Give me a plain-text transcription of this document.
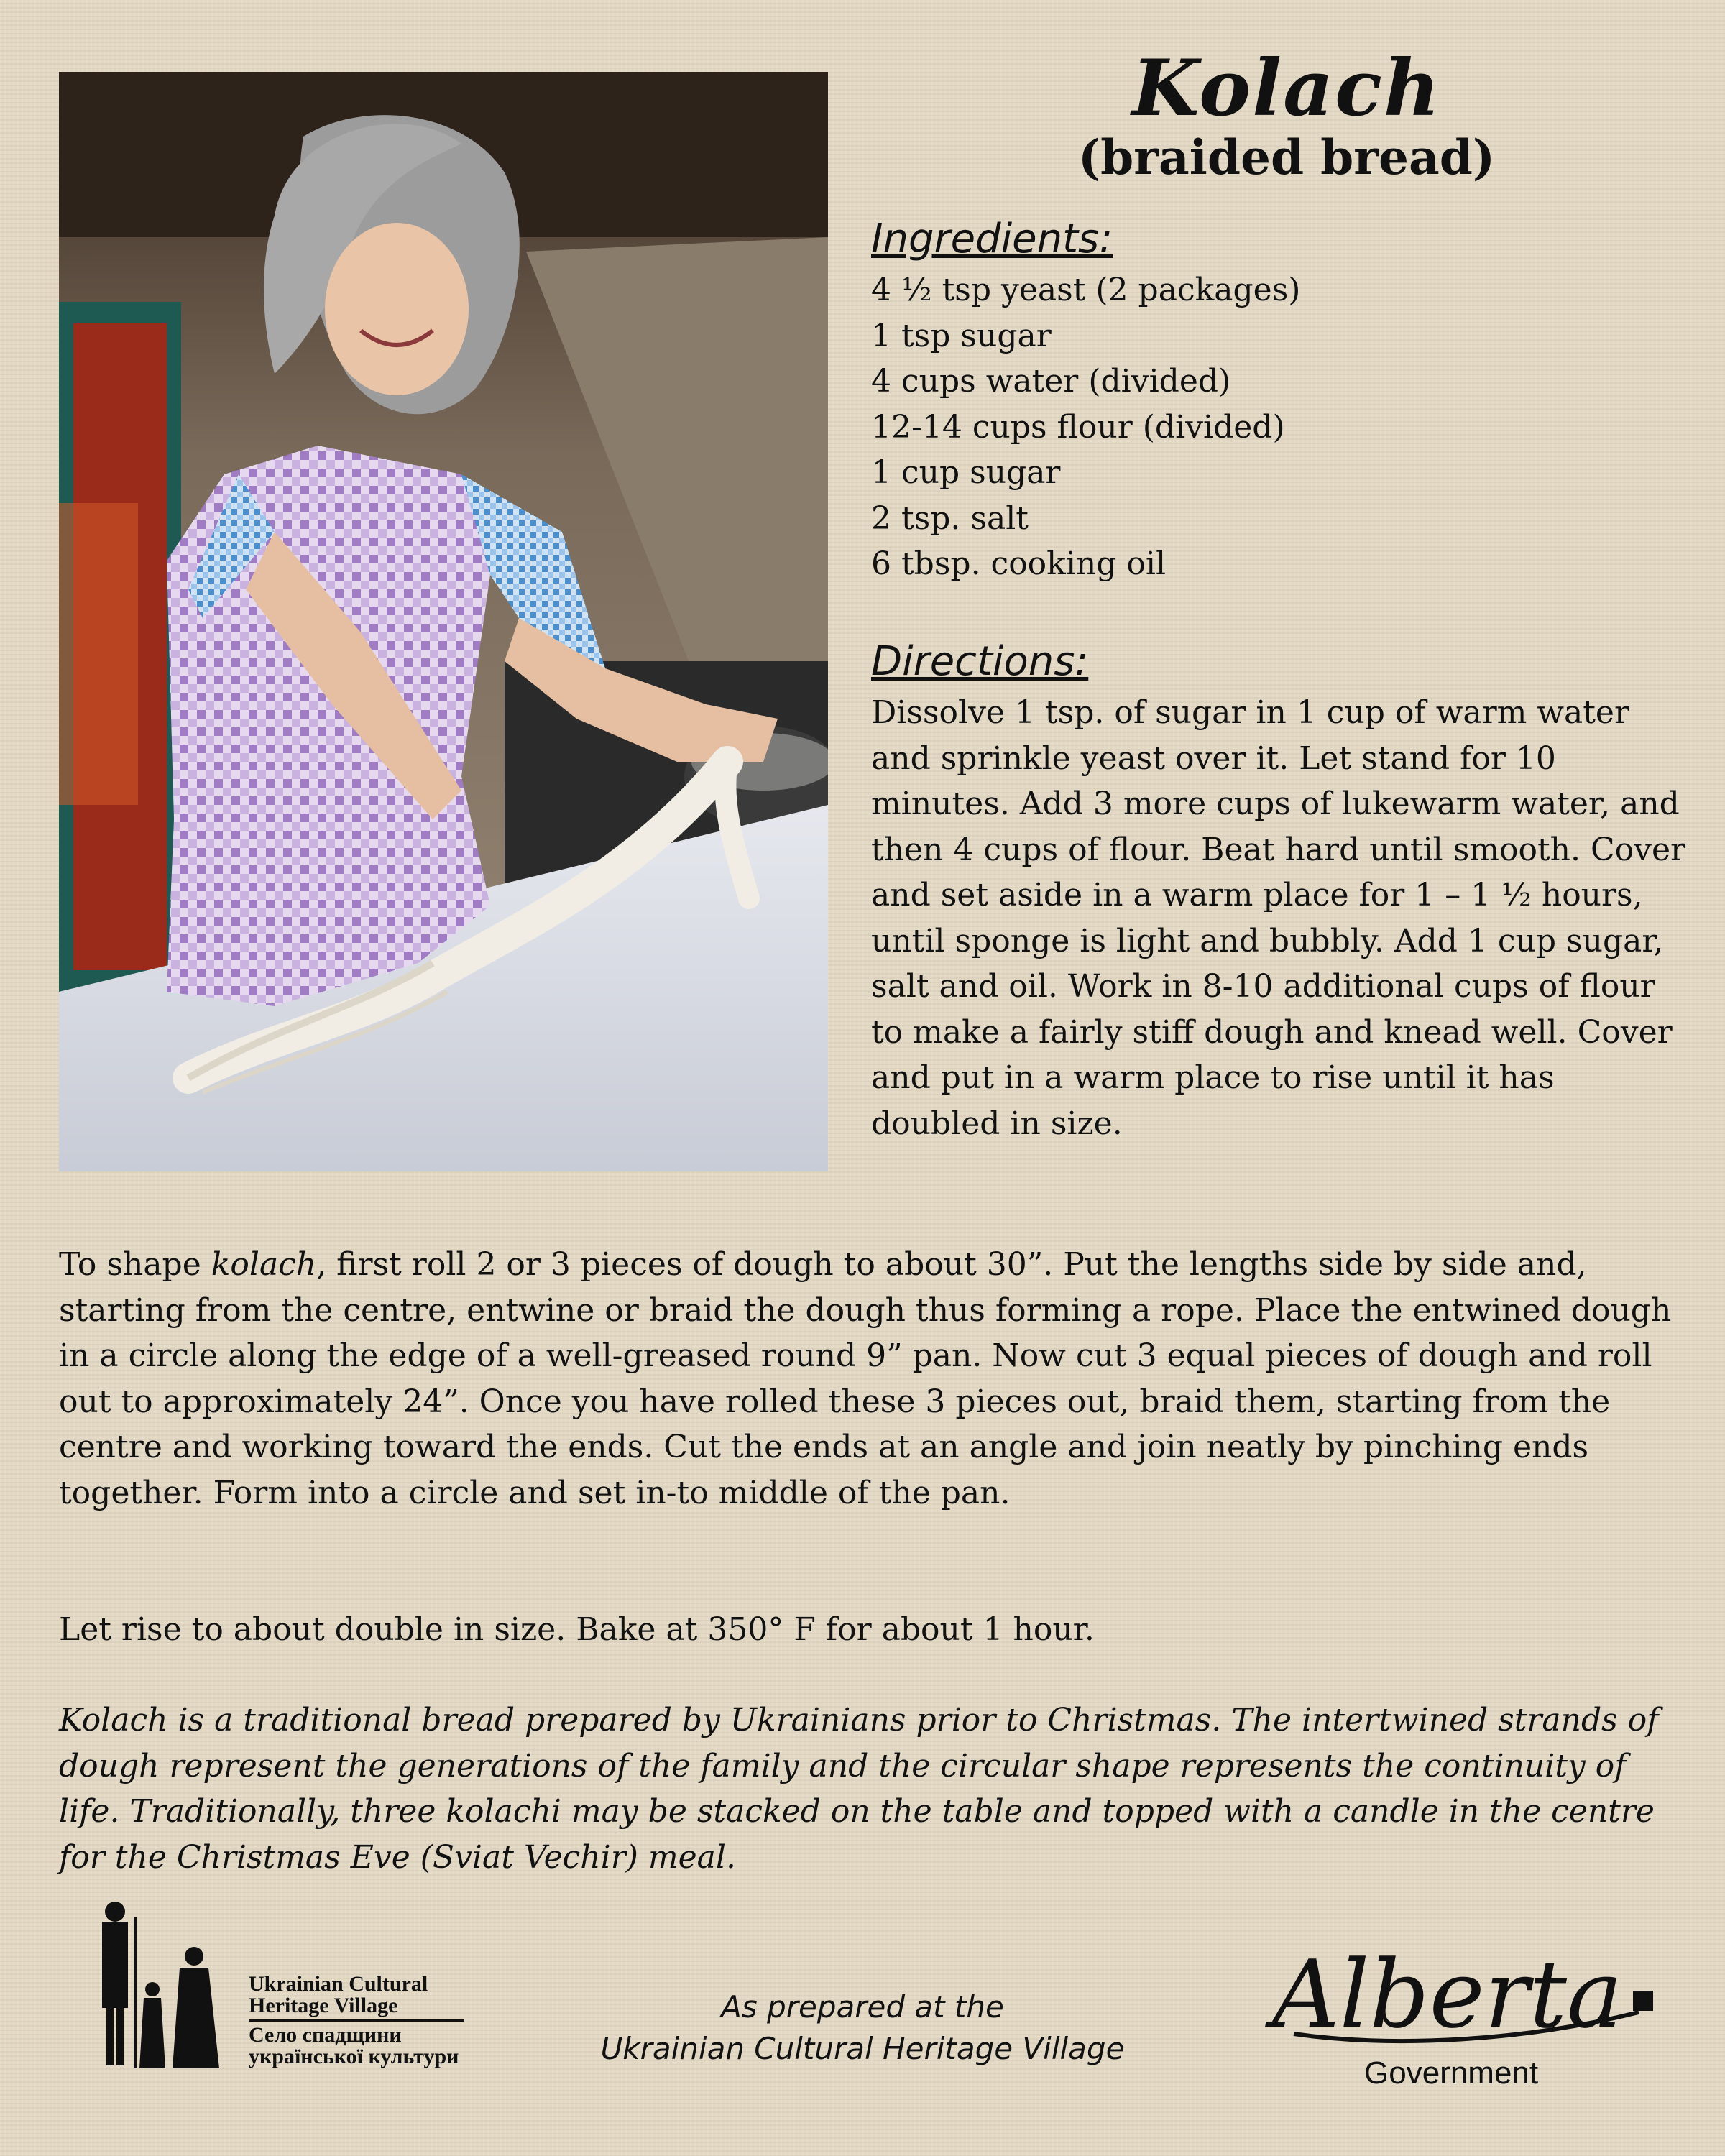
Kolach
(braided bread)
Ingredients:
4 ½ tsp yeast (2 packages)
1 tsp sugar
4 cups water (divided)
12-14 cups flour (divided)
1 cup sugar
2 tsp. salt
6 tbsp. cooking oil
Directions:

Dissolve 1 tsp. of sugar in 1 cup of warm water and sprinkle yeast over it. Let stand for 10 minutes. Add 3 more cups of lukewarm water, and then 4 cups of flour. Beat hard until smooth. Cover and set aside in a warm place for 1 – 1 ½ hours, until sponge is light and bubbly. Add 1 cup sugar, salt and oil. Work in 8-10 additional cups of flour to make a fairly stiff dough and knead well. Cover and put in a warm place to rise until it has doubled in size.

To shape kolach, first roll 2 or 3 pieces of dough to about 30”. Put the lengths side by side and, starting from the centre, entwine or braid the dough thus forming a rope. Place the entwined dough in a circle along the edge of a well-greased round 9” pan. Now cut 3 equal pieces of dough and roll out to approximately 24”. Once you have rolled these 3 pieces out, braid them, starting from the centre and working toward the ends. Cut the ends at an angle and join neatly by pinching ends together. Form into a circle and set in-to middle of the pan.

Let rise to about double in size. Bake at 350° F for about 1 hour.

Kolach is a traditional bread prepared by Ukrainians prior to Christmas. The intertwined strands of dough represent the generations of the family and the circular shape represents the continuity of life. Traditionally, three kolachi may be stacked on the table and topped with a candle in the centre for the Christmas Eve (Sviat Vechir) meal.

Ukrainian Cultural
Heritage Village
Село спадщини
української культури
As prepared at the
Ukrainian Cultural Heritage Village	Alberta
Government
